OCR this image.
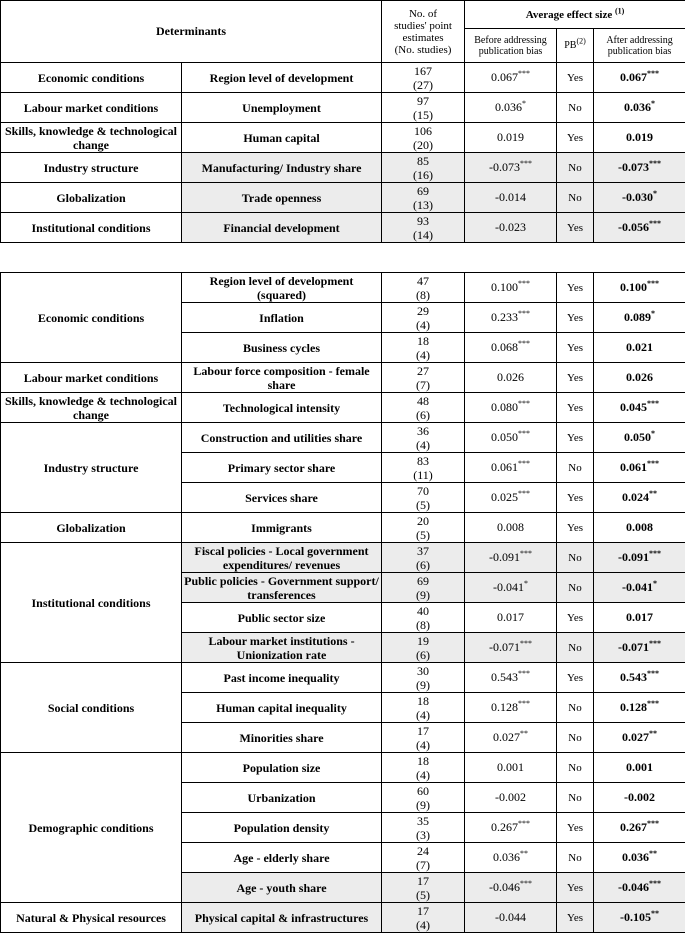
Determinants		No. of
studies' point
estimates
(No. studies)	Average effect size $^{(1)}$
			Before addressing
publication bias	PB$^{(2)}$	After addressing
publication bias
Economic conditions	Region level of development	167
(27)	0.067***	Yes	0.067***
Labour market conditions	Unemployment	97
(15)	0.036*	No	0.036*
Skills, knowledge & technological change	Human capital	106
(20)	0.019	Yes	0.019
Industry structure	Manufacturing/ Industry share	85
(16)	-0.073***	No	-0.073***
Globalization	Trade openness	69
(13)	-0.014	No	-0.030*
Institutional conditions	Financial development	93
(14)	-0.023	Yes	-0.056***

Economic conditions	Region level of development (squared)	47
(8)	0.100***	Yes	0.100***
	Inflation	29
(4)	0.233***	Yes	0.089*
	Business cycles	18
(4)	0.068***	Yes	0.021
Labour market conditions	Labour force composition - female share	27
(7)	0.026	Yes	0.026
Skills, knowledge & technological change	Technological intensity	48
(6)	0.080***	Yes	0.045***
Industry structure	Construction and utilities share	36
(4)	0.050***	Yes	0.050*
	Primary sector share	83
(11)	0.061***	No	0.061***
	Services share	70
(5)	0.025***	Yes	0.024**
Globalization	Immigrants	20
(5)	0.008	Yes	0.008
Institutional conditions	Fiscal policies - Local government expenditures/ revenues	37
(6)	-0.091***	No	-0.091***
	Public policies - Government support/ transferences	69
(9)	-0.041*	No	-0.041*
	Public sector size	40
(8)	0.017	Yes	0.017
	Labour market institutions - Unionization rate	19
(6)	-0.071***	No	-0.071***
Social conditions	Past income inequality	30
(9)	0.543***	Yes	0.543***
	Human capital inequality	18
(4)	0.128***	No	0.128***
	Minorities share	17
(4)	0.027**	No	0.027**
Demographic conditions	Population size	18
(4)	0.001	No	0.001
	Urbanization	60
(9)	-0.002	No	-0.002
	Population density	35
(3)	0.267***	Yes	0.267***
	Age - elderly share	24
(7)	0.036**	No	0.036**
	Age - youth share	17
(5)	-0.046***	Yes	-0.046***
Natural & Physical resources	Physical capital & infrastructures	17
(4)	-0.044	Yes	-0.105**
